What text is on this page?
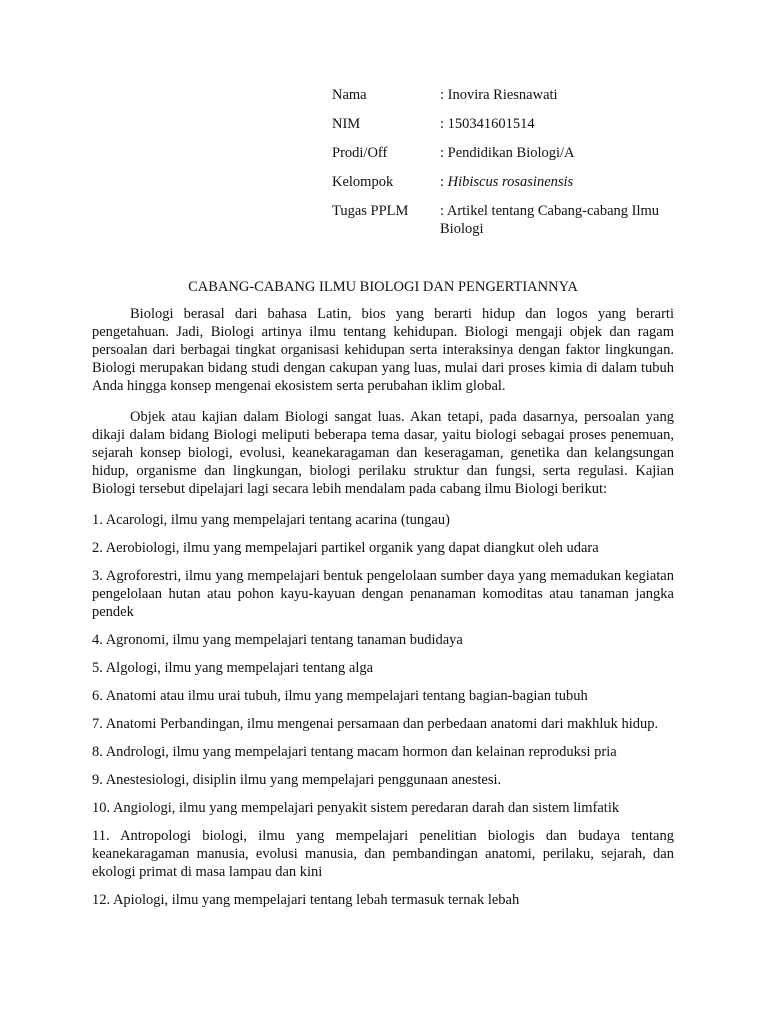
Nama	: Inovira Riesnawati
NIM	: 150341601514
Prodi/Off	: Pendidikan Biologi/A
Kelompok	: Hibiscus rosasinensis
Tugas PPLM	: Artikel tentang Cabang-cabang Ilmu Biologi
CABANG-CABANG ILMU BIOLOGI DAN PENGERTIANNYA

Biologi berasal dari bahasa Latin, bios yang berarti hidup dan logos yang berarti pengetahuan. Jadi, Biologi artinya ilmu tentang kehidupan. Biologi mengaji objek dan ragam persoalan dari berbagai tingkat organisasi kehidupan serta interaksinya dengan faktor lingkungan. Biologi merupakan bidang studi dengan cakupan yang luas, mulai dari proses kimia di dalam tubuh Anda hingga konsep mengenai ekosistem serta perubahan iklim global.

Objek atau kajian dalam Biologi sangat luas. Akan tetapi, pada dasarnya, persoalan yang dikaji dalam bidang Biologi meliputi beberapa tema dasar, yaitu biologi sebagai proses penemuan, sejarah konsep biologi, evolusi, keanekaragaman dan keseragaman, genetika dan kelangsungan hidup, organisme dan lingkungan, biologi perilaku struktur dan fungsi, serta regulasi. Kajian Biologi tersebut dipelajari lagi secara lebih mendalam pada cabang ilmu Biologi berikut:

1. Acarologi, ilmu yang mempelajari tentang acarina (tungau)

2. Aerobiologi, ilmu yang mempelajari partikel organik yang dapat diangkut oleh udara

3. Agroforestri, ilmu yang mempelajari bentuk pengelolaan sumber daya yang memadukan kegiatan pengelolaan hutan atau pohon kayu-kayuan dengan penanaman komoditas atau tanaman jangka pendek

4. Agronomi, ilmu yang mempelajari tentang tanaman budidaya

5. Algologi, ilmu yang mempelajari tentang alga

6. Anatomi atau ilmu urai tubuh, ilmu yang mempelajari tentang bagian-bagian tubuh

7. Anatomi Perbandingan, ilmu mengenai persamaan dan perbedaan anatomi dari makhluk hidup.

8. Andrologi, ilmu yang mempelajari tentang macam hormon dan kelainan reproduksi pria

9. Anestesiologi, disiplin ilmu yang mempelajari penggunaan anestesi.

10. Angiologi, ilmu yang mempelajari penyakit sistem peredaran darah dan sistem limfatik

11. Antropologi biologi, ilmu yang mempelajari penelitian biologis dan budaya tentang keanekaragaman manusia, evolusi manusia, dan pembandingan anatomi, perilaku, sejarah, dan ekologi primat di masa lampau dan kini

12. Apiologi, ilmu yang mempelajari tentang lebah termasuk ternak lebah
